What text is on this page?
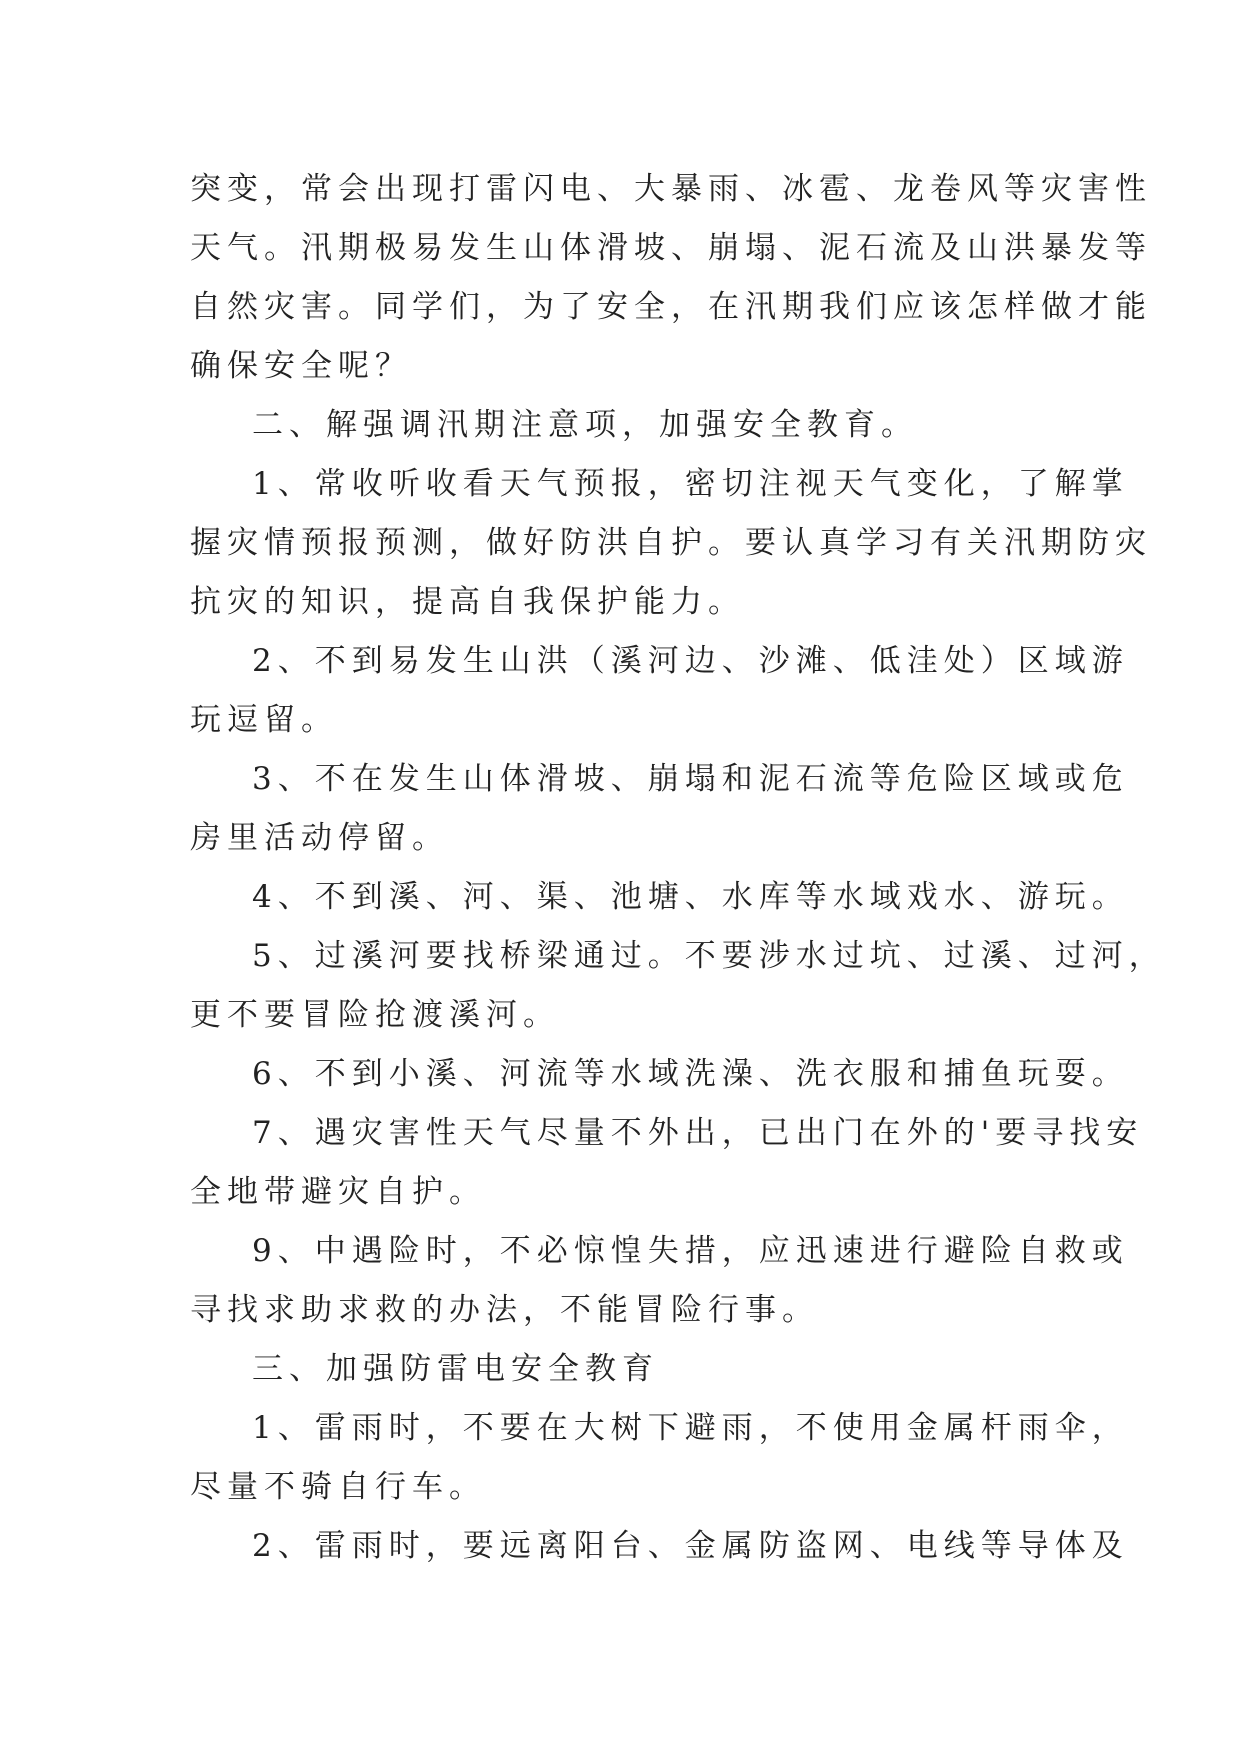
突变，常会出现打雷闪电、大暴雨、冰雹、龙卷风等灾害性
天气。汛期极易发生山体滑坡、崩塌、泥石流及山洪暴发等
自然灾害。同学们，为了安全，在汛期我们应该怎样做才能
确保安全呢？
二、解强调汛期注意项，加强安全教育。
1、常收听收看天气预报，密切注视天气变化，了解掌
握灾情预报预测，做好防洪自护。要认真学习有关汛期防灾
抗灾的知识，提高自我保护能力。
2、不到易发生山洪（溪河边、沙滩、低洼处）区域游
玩逗留。
3、不在发生山体滑坡、崩塌和泥石流等危险区域或危
房里活动停留。
4、不到溪、河、渠、池塘、水库等水域戏水、游玩。
5、过溪河要找桥梁通过。不要涉水过坑、过溪、过河，
更不要冒险抢渡溪河。
6、不到小溪、河流等水域洗澡、洗衣服和捕鱼玩耍。
7、遇灾害性天气尽量不外出，已出门在外的'要寻找安
全地带避灾自护。
9、中遇险时，不必惊惶失措，应迅速进行避险自救或
寻找求助求救的办法，不能冒险行事。
三、加强防雷电安全教育
1、雷雨时，不要在大树下避雨，不使用金属杆雨伞，
尽量不骑自行车。
2、雷雨时，要远离阳台、金属防盗网、电线等导体及
